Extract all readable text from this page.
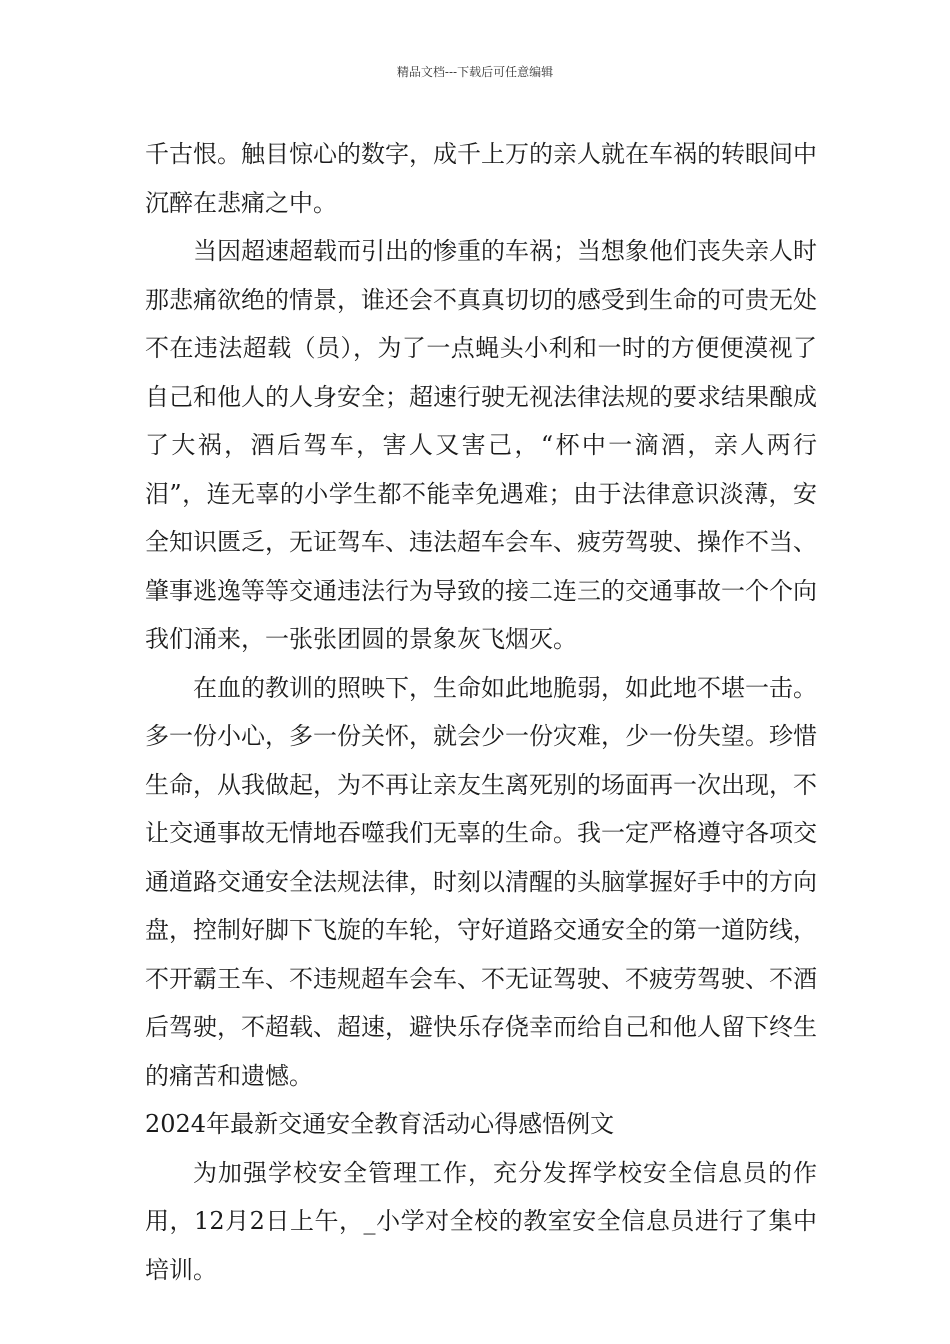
精品文档---下载后可任意编辑

千古恨。触目惊心的数字，成千上万的亲人就在车祸的转眼间中沉醉在悲痛之中。

当因超速超载而引出的惨重的车祸；当想象他们丧失亲人时那悲痛欲绝的情景，谁还会不真真切切的感受到生命的可贵无处不在违法超载（员），为了一点蝇头小利和一时的方便便漠视了自己和他人的人身安全；超速行驶无视法律法规的要求结果酿成了大祸，酒后驾车，害人又害己，“杯中一滴酒，亲人两行泪”，连无辜的小学生都不能幸免遇难；由于法律意识淡薄，安全知识匮乏，无证驾车、违法超车会车、疲劳驾驶、操作不当、肇事逃逸等等交通违法行为导致的接二连三的交通事故一个个向我们涌来，一张张团圆的景象灰飞烟灭。

在血的教训的照映下，生命如此地脆弱，如此地不堪一击。多一份小心，多一份关怀，就会少一份灾难，少一份失望。珍惜生命，从我做起，为不再让亲友生离死别的场面再一次出现，不让交通事故无情地吞噬我们无辜的生命。我一定严格遵守各项交通道路交通安全法规法律，时刻以清醒的头脑掌握好手中的方向盘，控制好脚下飞旋的车轮，守好道路交通安全的第一道防线，不开霸王车、不违规超车会车、不无证驾驶、不疲劳驾驶、不酒后驾驶，不超载、超速，避快乐存侥幸而给自己和他人留下终生的痛苦和遗憾。

2024年最新交通安全教育活动心得感悟例文

为加强学校安全管理工作，充分发挥学校安全信息员的作用，12月2日上午，_小学对全校的教室安全信息员进行了集中培训。
